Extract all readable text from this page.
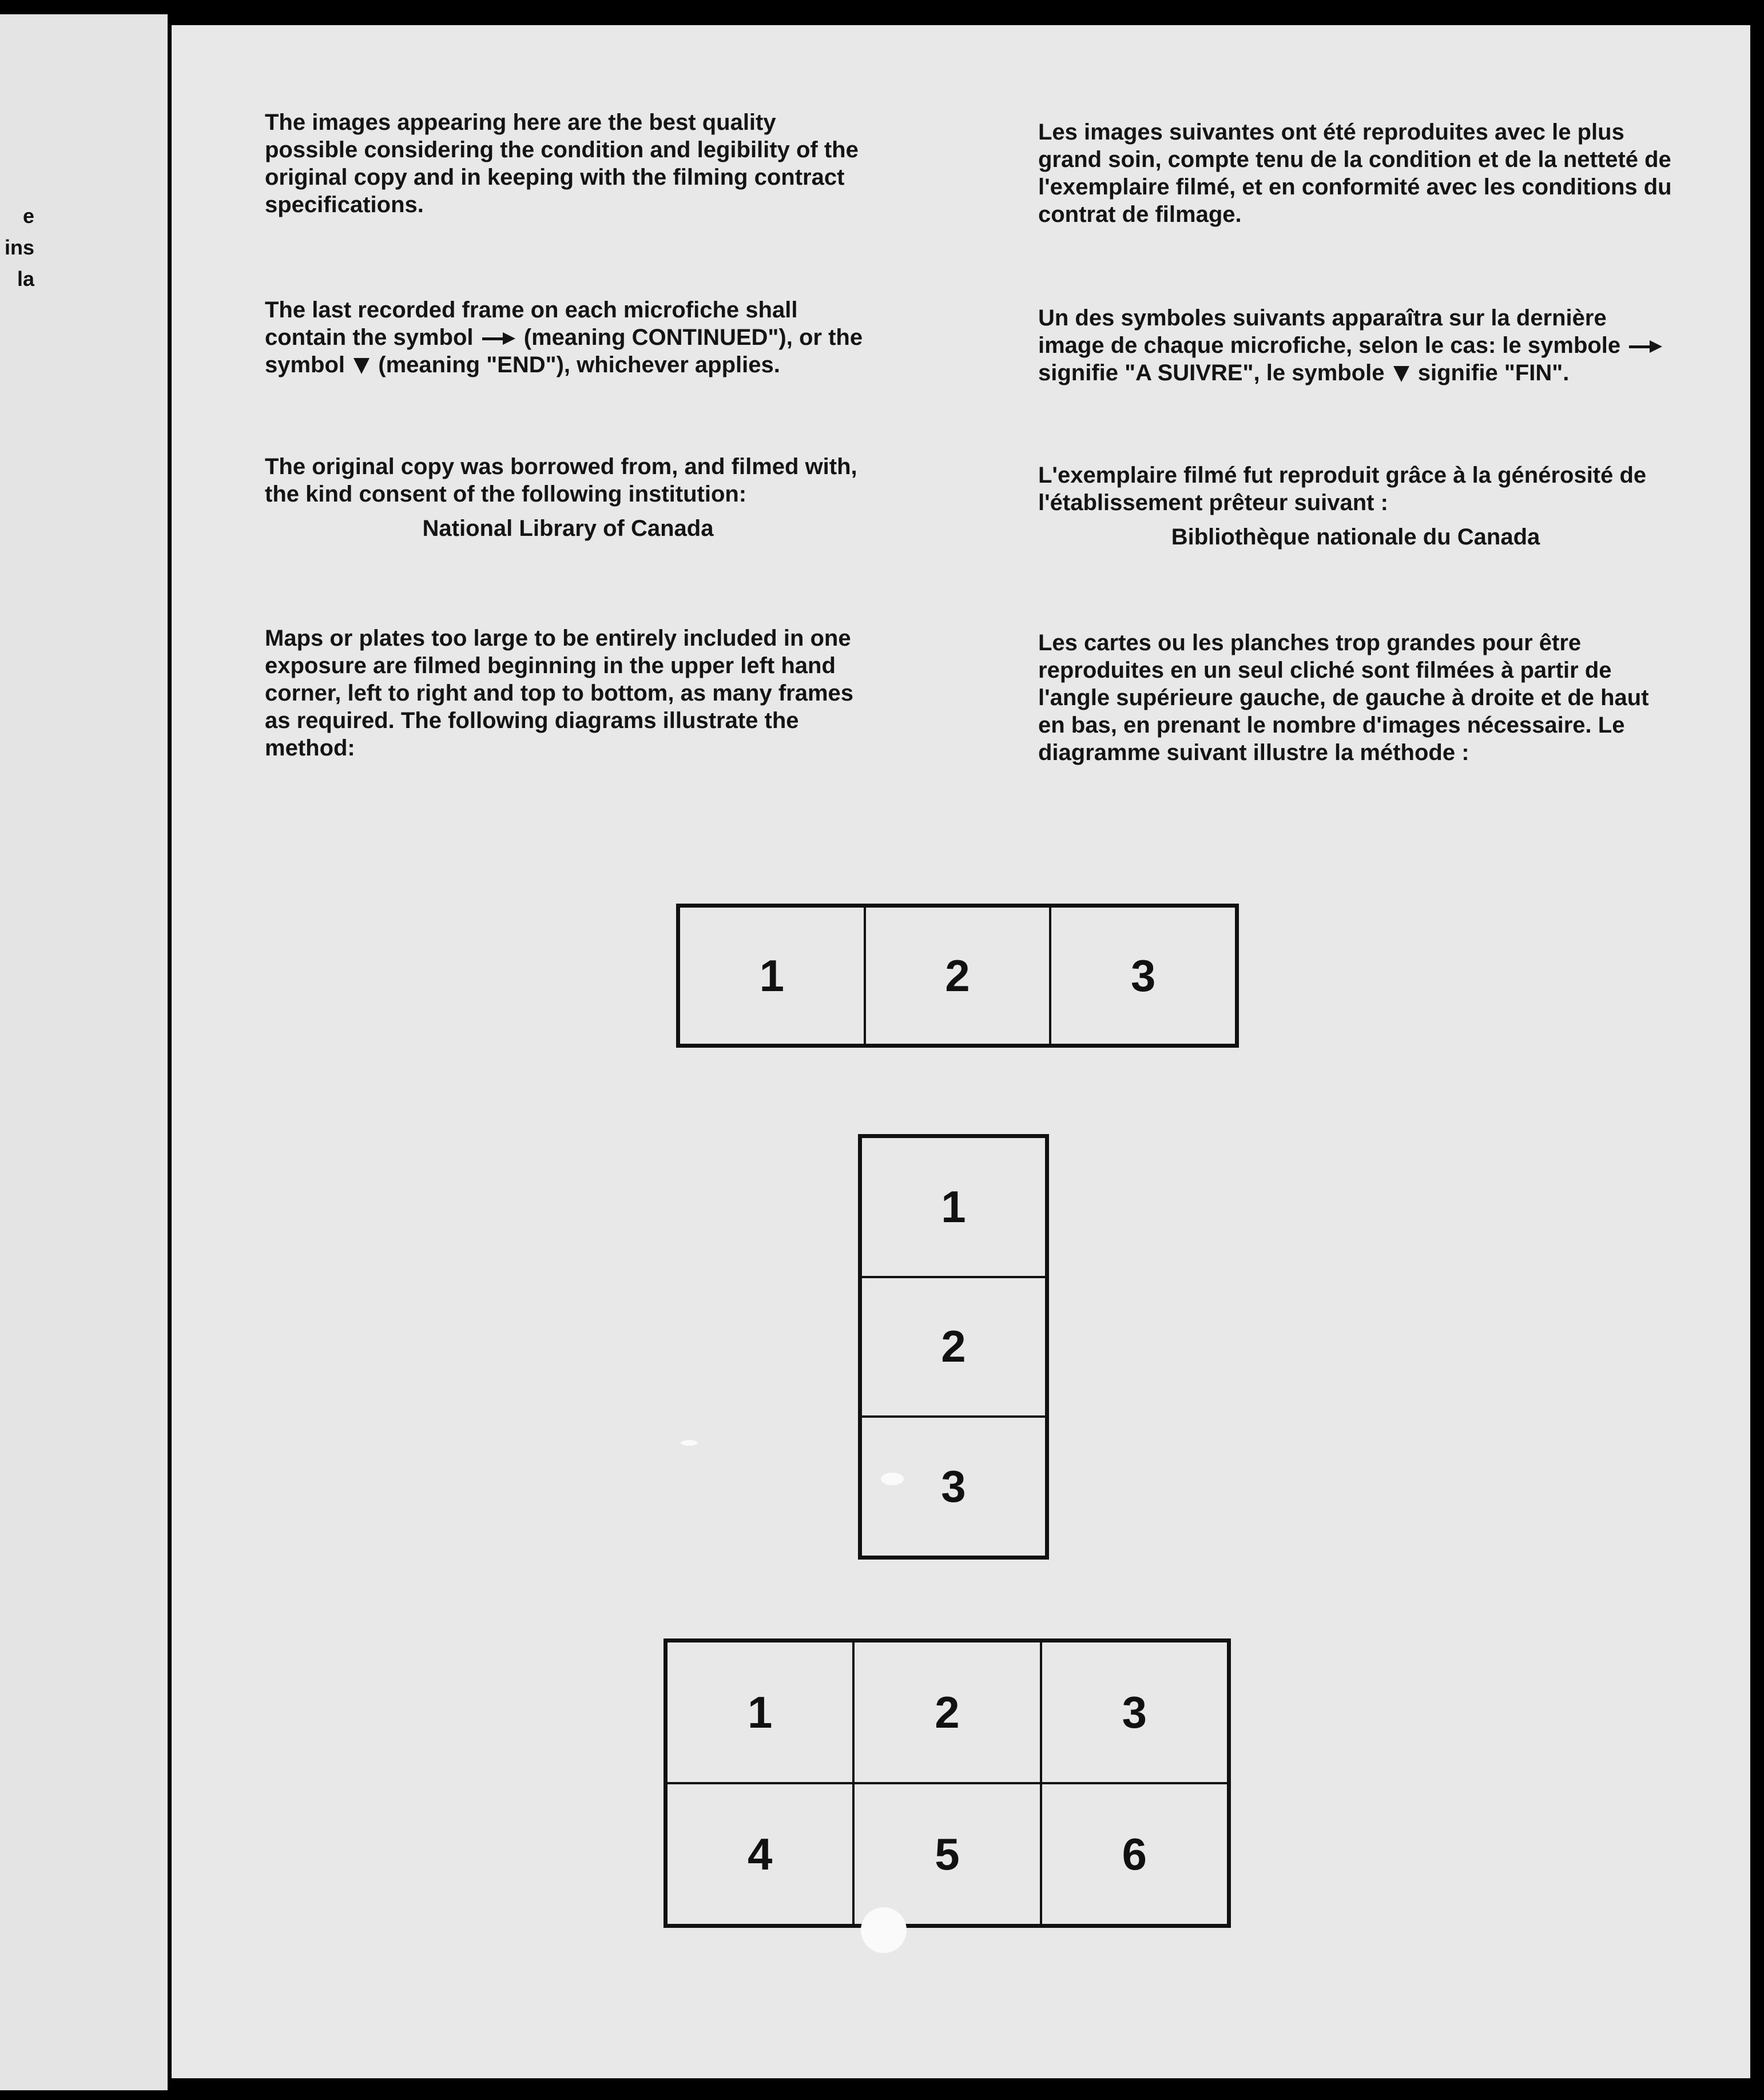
e
ins
la

The images appearing here are the best quality possible considering the condition and legibility of the original copy and in keeping with the filming contract specifications.

The last recorded frame on each microfiche shall contain the symbol (meaning CONTINUED"), or the symbol (meaning "END"), whichever applies.

The original copy was borrowed from, and filmed with, the kind consent of the following institution:

National Library of Canada

Maps or plates too large to be entirely included in one exposure are filmed beginning in the upper left hand corner, left to right and top to bottom, as many frames as required. The following diagrams illustrate the method:

Les images suivantes ont été reproduites avec le plus grand soin, compte tenu de la condition et de la netteté de l'exemplaire filmé, et en conformité avec les conditions du contrat de filmage.

Un des symboles suivants apparaîtra sur la dernière image de chaque microfiche, selon le cas: le symbole  signifie "A SUIVRE", le symbole signifie "FIN".

L'exemplaire filmé fut reproduit grâce à la générosité de l'établissement prêteur suivant :

Bibliothèque nationale du Canada

Les cartes ou les planches trop grandes pour être reproduites en un seul cliché sont filmées à partir de l'angle supérieure gauche, de gauche à droite et de haut en bas, en prenant le nombre d'images nécessaire. Le diagramme suivant illustre la méthode :

1	2	3
1
2
3
1	2	3
4	5	6
